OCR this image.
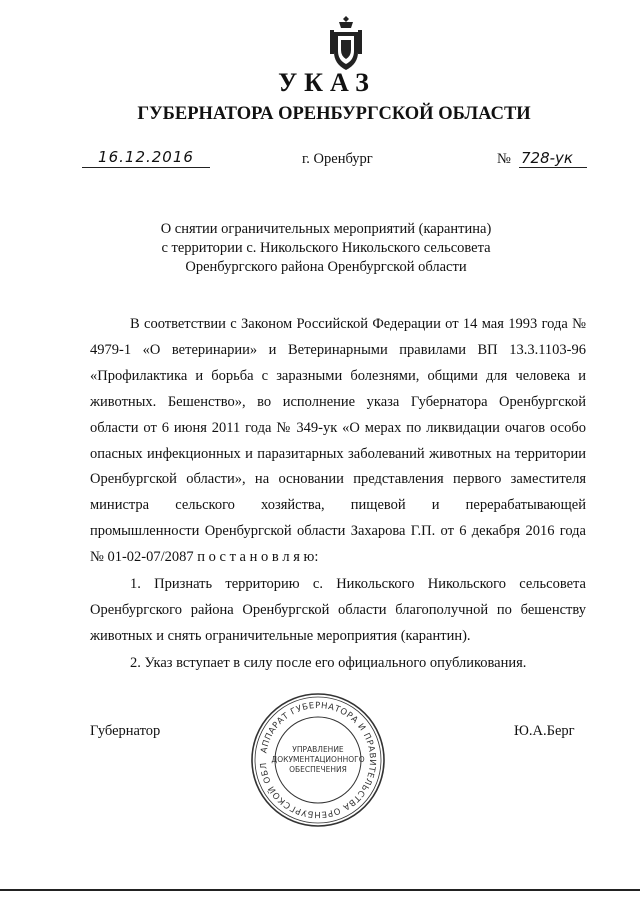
УКАЗ
ГУБЕРНАТОРА ОРЕНБУРГСКОЙ ОБЛАСТИ
16.12.2016	г. Оренбург	№ 728-ук
О снятии ограничительных мероприятий (карантина)
с территории с. Никольского Никольского сельсовета
Оренбургского района Оренбургской области

В соответствии с Законом Российской Федерации от 14 мая 1993 года № 4979-1 «О ветеринарии» и Ветеринарными правилами ВП 13.3.1103-96 «Профилактика и борьба с заразными болезнями, общими для человека и животных. Бешенство», во исполнение указа Губернатора Оренбургской области от 6 июня 2011 года № 349-ук «О мерах по ликвидации очагов особо опасных инфекционных и паразитарных заболеваний животных на территории Оренбургской области», на основании представления первого заместителя министра сельского хозяйства, пищевой и перерабатывающей промышленности Оренбургской области Захарова Г.П. от 6 декабря 2016 года № 01-02-07/2087 п о с т а н о в л я ю:

1. Признать территорию с. Никольского Никольского сельсовета Оренбургского района Оренбургской области благополучной по бешенству животных и снять ограничительные мероприятия (карантин).

2. Указ вступает в силу после его официального опубликования.

Губернатор	Ю.А.Берг
АППАРАТ ГУБЕРНАТОРА И ПРАВИТЕЛЬСТВА ОРЕНБУРГСКОЙ ОБЛ
УПРАВЛЕНИЕ
ДОКУМЕНТАЦИОННОГО
ОБЕСПЕЧЕНИЯ
